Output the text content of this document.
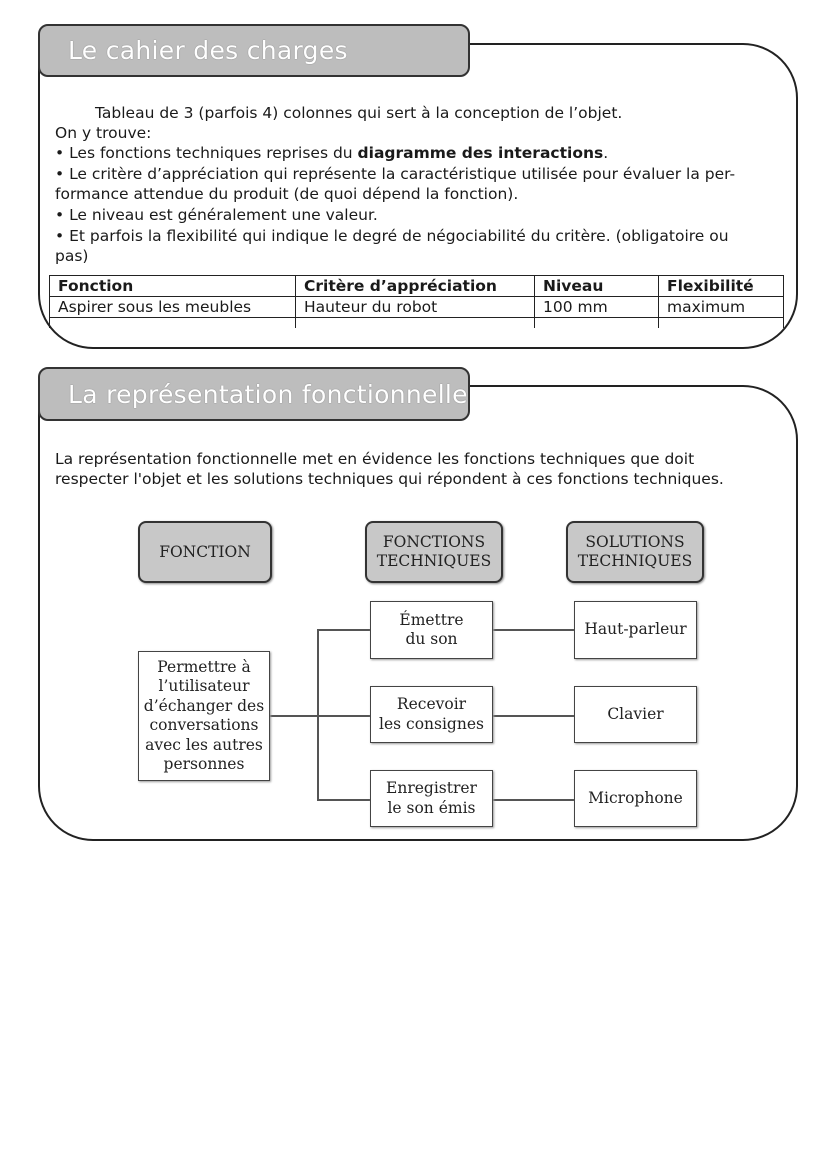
Le cahier des charges
Tableau de 3 (parfois 4) colonnes qui sert à la conception de l’objet.
On y trouve:
• Les fonctions techniques reprises du diagramme des interactions.
• Le critère d’appréciation qui représente la caractéristique utilisée pour évaluer la per-
formance attendue du produit (de quoi dépend la fonction).
• Le niveau est généralement une valeur.
• Et parfois la flexibilité qui indique le degré de négociabilité du critère. (obligatoire ou
pas)
Fonction	Critère d’appréciation	Niveau	Flexibilité
Aspirer sous les meubles	Hauteur du robot	100 mm	maximum

La représentation fonctionnelle
La représentation fonctionnelle met en évidence les fonctions techniques que doit
respecter l'objet et les solutions techniques qui répondent à ces fonctions techniques.
FONCTION
FONCTIONS
TECHNIQUES
SOLUTIONS
TECHNIQUES
Permettre à
l’utilisateur
d’échanger des
conversations
avec les autres
personnes
Émettre
du son
Recevoir
les consignes
Enregistrer
le son émis
Haut-parleur
Clavier
Microphone
